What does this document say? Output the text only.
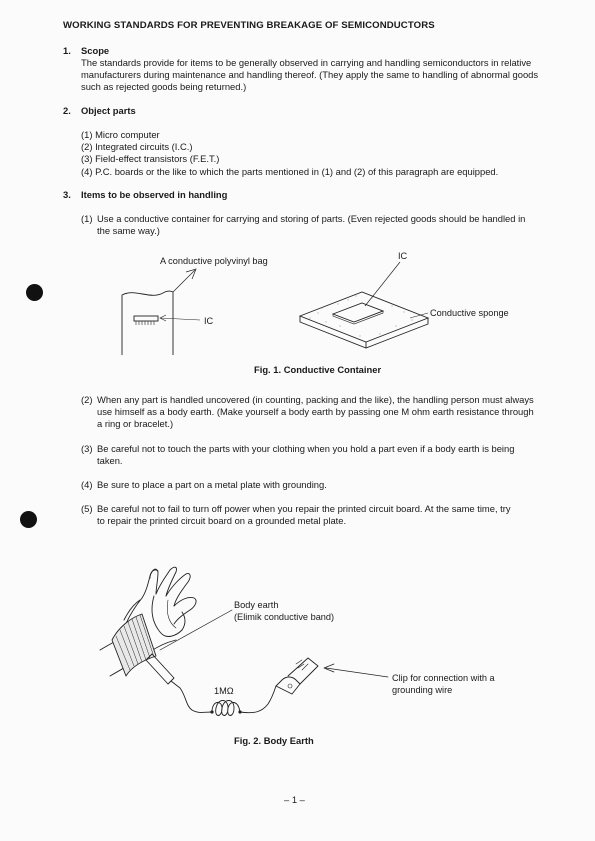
WORKING STANDARDS FOR PREVENTING BREAKAGE OF SEMICONDUCTORS
1. Scope
The standards provide for items to be generally observed in carrying and handling semiconductors in relative
manufacturers during maintenance and handling thereof. (They apply the same to handling of abnormal goods
such as rejected goods being returned.)
2. Object parts
(1) Micro computer
(2) Integrated circuits (I.C.)
(3) Field-effect transistors (F.E.T.)
(4) P.C. boards or the like to which the parts mentioned in (1) and (2) of this paragraph are equipped.
3. Items to be observed in handling
(1) Use a conductive container for carrying and storing of parts. (Even rejected goods should be handled in
the same way.)
A conductive polyvinyl bag	IC
IC
Conductive sponge
Fig. 1. Conductive Container
(2) When any part is handled uncovered (in counting, packing and the like), the handling person must always
use himself as a body earth. (Make yourself a body earth by passing one M ohm earth resistance through
a ring or bracelet.)
(3) Be careful not to touch the parts with your clothing when you hold a part even if a body earth is being
taken.
(4) Be sure to place a part on a metal plate with grounding.
(5) Be careful not to fail to turn off power when you repair the printed circuit board. At the same time, try
to repair the printed circuit board on a grounded metal plate.
Body earth
(Elimik conductive band)
1MΩ
Clip for connection with a
grounding wire
Fig. 2. Body Earth
– 1 –
